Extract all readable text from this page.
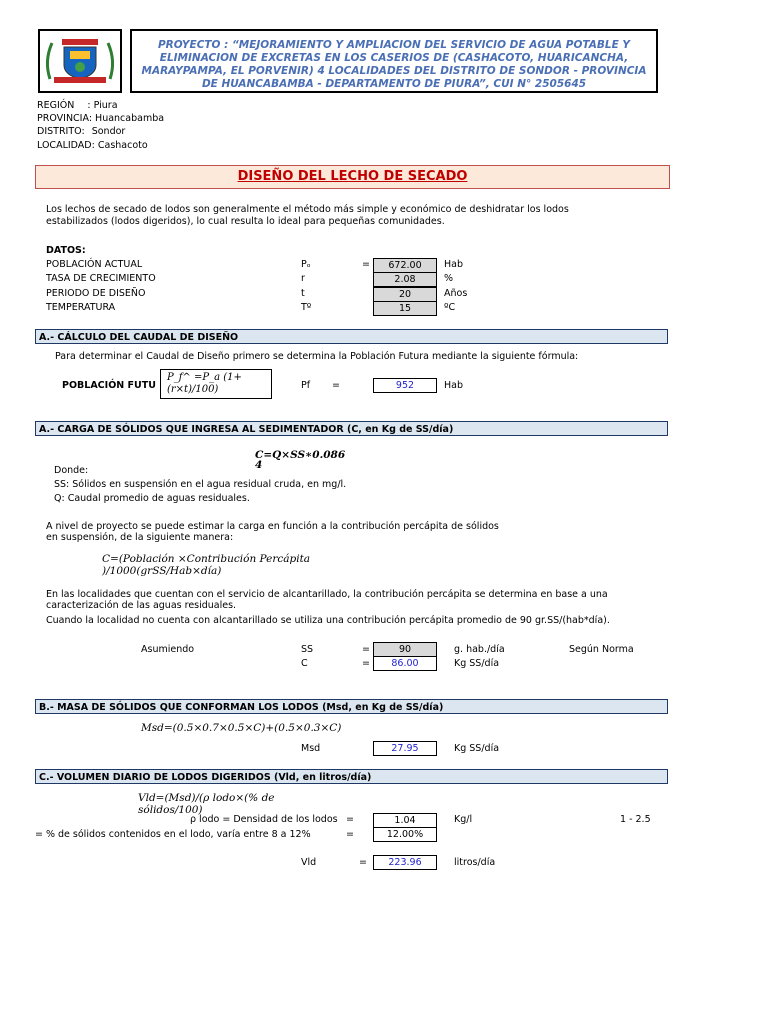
PROYECTO : “MEJORAMIENTO Y AMPLIACION DEL SERVICIO DE AGUA POTABLE Y ELIMINACION DE EXCRETAS EN LOS CASERIOS DE (CASHACOTO, HUARICANCHA, MARAYPAMPA, EL PORVENIR) 4 LOCALIDADES DEL DISTRITO DE SONDOR - PROVINCIA DE HUANCABAMBA - DEPARTAMENTO DE PIURA”, CUI N° 2505645
REGIÓN : Piura
PROVINCIA: Huancabamba
DISTRITO: Sondor
LOCALIDAD: Cashacoto
DISEÑO DEL LECHO DE SECADO
Los lechos de secado de lodos son generalmente el método más simple y económico de deshidratar los lodos
estabilizados (lodos digeridos), lo cual resulta lo ideal para pequeñas comunidades.
DATOS:
POBLACIÓN ACTUAL	Pₒ	=	672.00	Hab
TASA DE CRECIMIENTO	r	2.08	%
PERIODO DE DISEÑO	t	20	Años
TEMPERATURA	Tº	15	ºC
A.- CÁLCULO DEL CAUDAL DE DISEÑO
Para determinar el Caudal de Diseño primero se determina la Población Futura mediante la siguiente fórmula:
POBLACIÓN FUTU
P_f^ =P_a (1+
(r×t)/100)	Pf =	952	Hab
A.- CARGA DE SÓLIDOS QUE INGRESA AL SEDIMENTADOR (C, en Kg de SS/día)
C=Q×SS∗0.086
4
Donde:
SS: Sólidos en suspensión en el agua residual cruda, en mg/l.
Q: Caudal promedio de aguas residuales.
A nivel de proyecto se puede estimar la carga en función a la contribución percápita de sólidos
en suspensión, de la siguiente manera:
C=(Población ×Contribución Percápita
)/1000(grSS/Hab×día)
En las localidades que cuentan con el servicio de alcantarillado, la contribución percápita se determina en base a una
caracterización de las aguas residuales.
Cuando la localidad no cuenta con alcantarillado se utiliza una contribución percápita promedio de 90 gr.SS/(hab*día).
Asumiendo	SS	=	90	g. hab./día	Según Norma
C	=	86.00	Kg SS/día
B.- MASA DE SÓLIDOS QUE CONFORMAN LOS LODOS (Msd, en Kg de SS/día)
Msd=(0.5×0.7×0.5×C)+(0.5×0.3×C)
Msd	27.95	Kg SS/día
C.- VOLUMEN DIARIO DE LODOS DIGERIDOS (Vld, en litros/día)
Vld=(Msd)/(ρ lodo×(% de
sólidos/100)
ρ lodo = Densidad de los lodos =	1.04	Kg/l	1 - 2.5
= % de sólidos contenidos en el lodo, varía entre 8 a 12%	=	12.00%
Vld	=	223.96	litros/día
